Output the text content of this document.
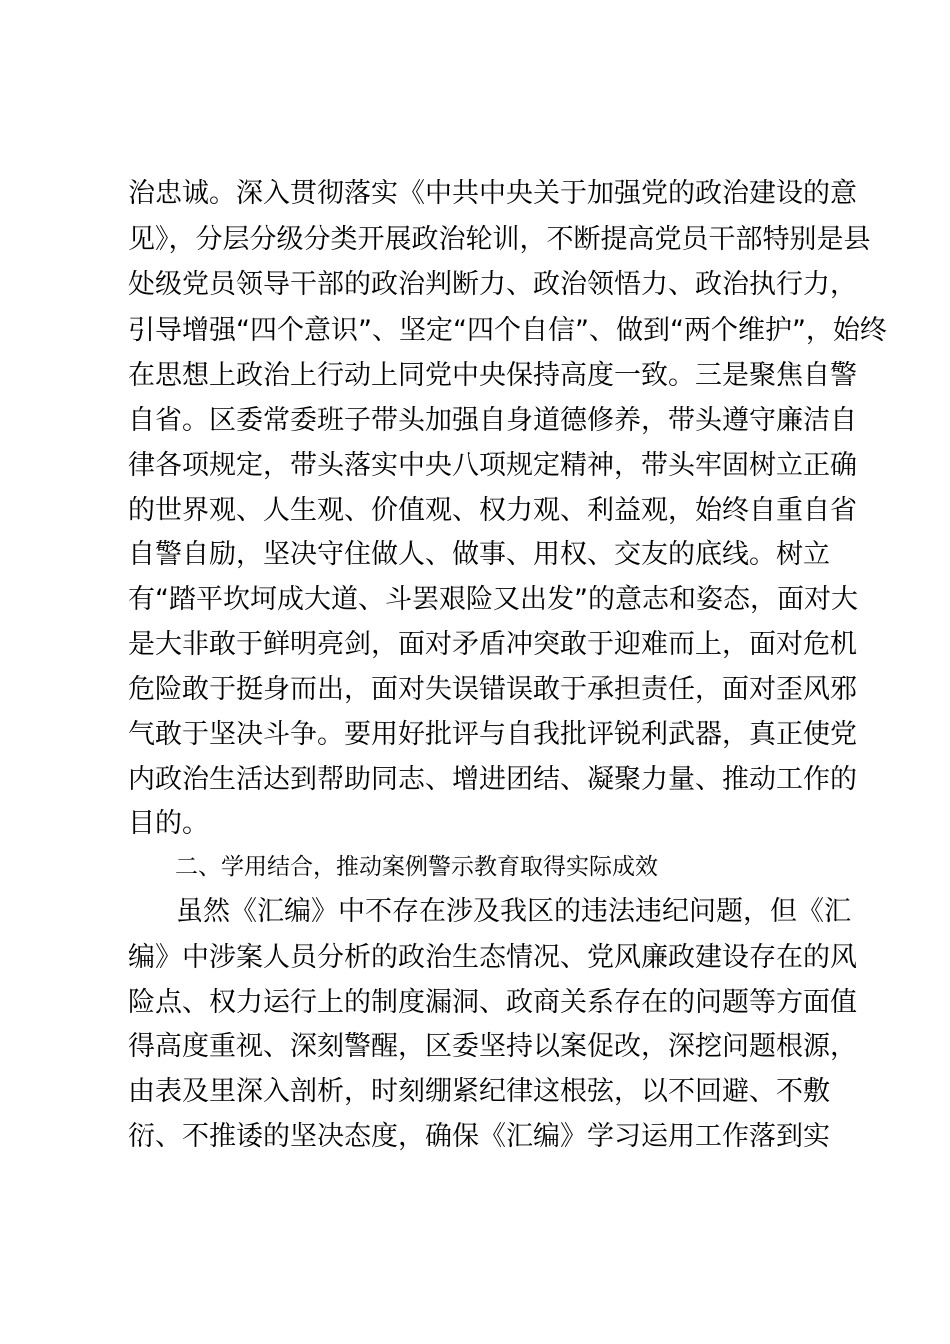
治忠诚。深入贯彻落实《中共中央关于加强党的政治建设的意
见》，分层分级分类开展政治轮训，不断提高党员干部特别是县
处级党员领导干部的政治判断力、政治领悟力、政治执行力，
引导增强“四个意识”、坚定“四个自信”、做到“两个维护”，始终
在思想上政治上行动上同党中央保持高度一致。三是聚焦自警
自省。区委常委班子带头加强自身道德修养，带头遵守廉洁自
律各项规定，带头落实中央八项规定精神，带头牢固树立正确
的世界观、人生观、价值观、权力观、利益观，始终自重自省
自警自励，坚决守住做人、做事、用权、交友的底线。树立
有“踏平坎坷成大道、斗罢艰险又出发”的意志和姿态，面对大
是大非敢于鲜明亮剑，面对矛盾冲突敢于迎难而上，面对危机
危险敢于挺身而出，面对失误错误敢于承担责任，面对歪风邪
气敢于坚决斗争。要用好批评与自我批评锐利武器，真正使党
内政治生活达到帮助同志、增进团结、凝聚力量、推动工作的
目的。
二、学用结合，推动案例警示教育取得实际成效
虽然《汇编》中不存在涉及我区的违法违纪问题，但《汇
编》中涉案人员分析的政治生态情况、党风廉政建设存在的风
险点、权力运行上的制度漏洞、政商关系存在的问题等方面值
得高度重视、深刻警醒，区委坚持以案促改，深挖问题根源，
由表及里深入剖析，时刻绷紧纪律这根弦，以不回避、不敷
衍、不推诿的坚决态度，确保《汇编》学习运用工作落到实
